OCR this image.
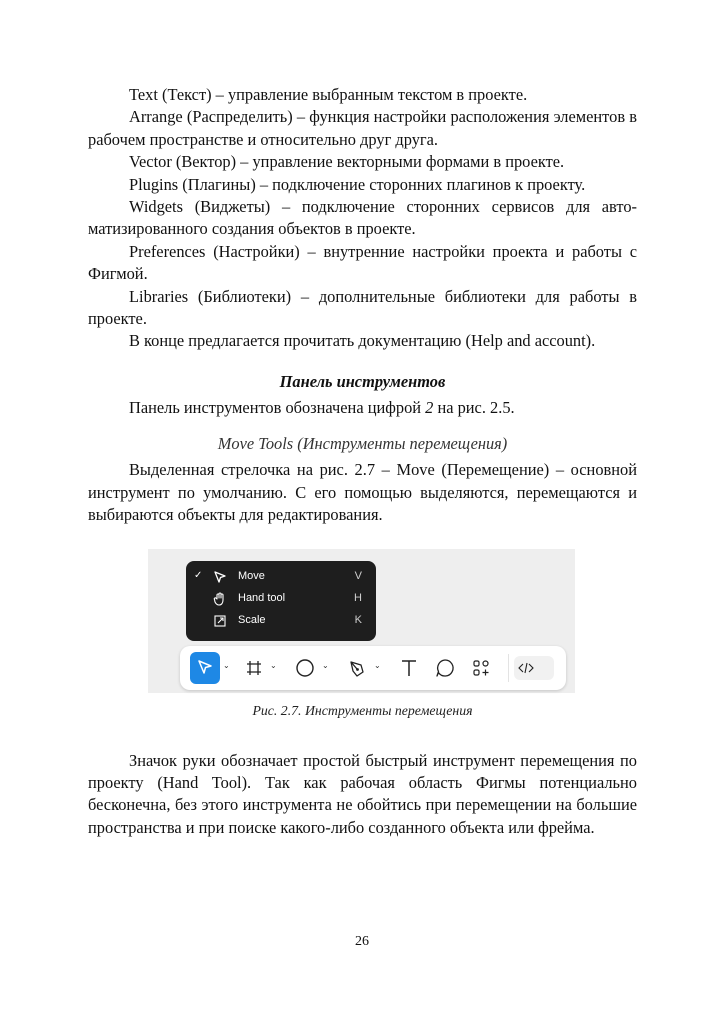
Text (Текст) – управление выбранным текстом в проекте.

Arrange (Распределить) – функция настройки расположения элементов в рабочем пространстве и относительно друг друга.

Vector (Вектор) – управление векторными формами в проекте.

Plugins (Плагины) – подключение сторонних плагинов к проекту.

Widgets (Виджеты) – подключение сторонних сервисов для автоматизированного создания объектов в проекте.

Preferences (Настройки) – внутренние настройки проекта и работы с Фигмой.

Libraries (Библиотеки) – дополнительные библиотеки для работы в проекте.

В конце предлагается прочитать документацию (Help and account).

Панель инструментов

Панель инструментов обозначена цифрой 2 на рис. 2.5.

Move Tools (Инструменты перемещения)

Выделенная стрелочка на рис. 2.7 – Move (Перемещение) – основной инструмент по умолчанию. С его помощью выделяются, перемещаются и выбираются объекты для редактирования.

✓	Move	V
Hand tool	H
Scale	K
⌄	⌄	⌄	⌄
Рис. 2.7. Инструменты перемещения

Значок руки обозначает простой быстрый инструмент перемещения по проекту (Hand Tool). Так как рабочая область Фигмы потенциально бесконечна, без этого инструмента не обойтись при перемещении на большие пространства и при поиске какого-либо созданного объекта или фрейма.

26
